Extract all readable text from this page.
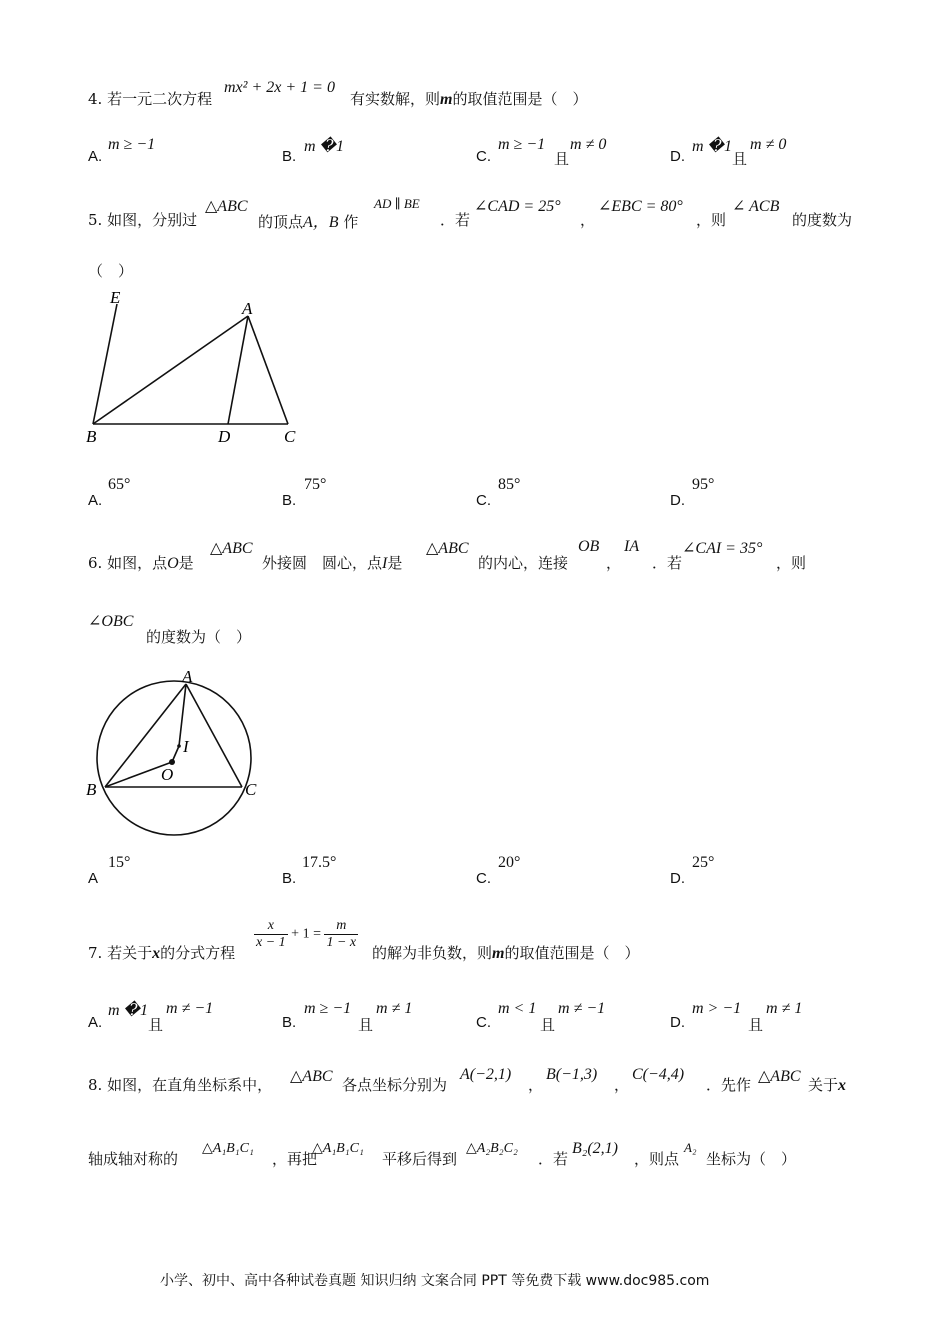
4. 若一元二次方程
mx² + 2x + 1 = 0
有实数解，则m的取值范围是（　）
A.
m ≥ −1
B.
m �1
C.
m ≥ −1
且
m ≠ 0
D.
m �1
且
m ≠ 0
5. 如图，分别过
△ABC
的顶点A，B 作
AD ∥ BE
．若
∠CAD = 25°
，
∠EBC = 80°
，则
∠ ACB
的度数为
（　）
E
A
B	D	C
A.
65°
B.
75°
C.
85°
D.
95°
6. 如图，点O是
△ABC
外接圆　圆心，点I是
△ABC
的内心，连接
OB
，
IA
．若
∠CAI = 35°
，则
∠OBC
的度数为（　）
A
I
O
B	C
A
15°
B.
17.5°
C.
20°
D.
25°
7. 若关于x的分式方程
$\frac{x}{x - 1} + 1 = \frac{m}{1 - x}$
的解为非负数，则m的取值范围是（　）
A.
m �1
且
m ≠ −1
B.
m ≥ −1
且
m ≠ 1
C.
m < 1
且
m ≠ −1
D.
m > −1
且
m ≠ 1
8. 如图，在直角坐标系中， △ABC 各点坐标分别为
A(−2,1)
，
B(−1,3)
，
C(−4,4)
．先作 △ABC 关于x
轴成轴对称的
△A₁B₁C₁
，再把
△A₁B₁C₁
平移后得到
△A₂B₂C₂
．若
B₂(2,1)
，则点
A₂
坐标为（　）
小学、初中、高中各种试卷真题 知识归纳 文案合同 PPT 等免费下载 www.doc985.com
